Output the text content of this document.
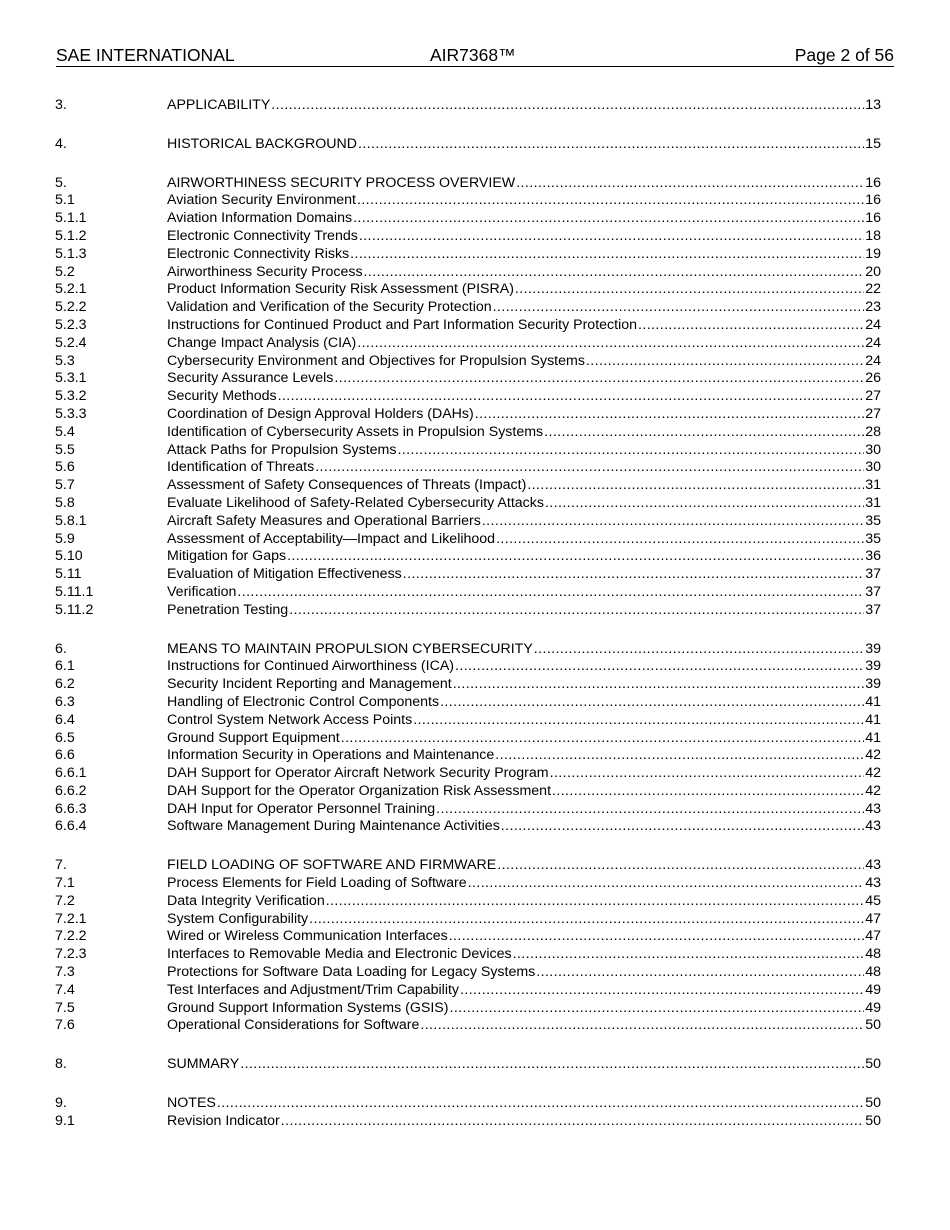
SAE INTERNATIONAL	AIR7368™	Page 2 of 56
3.	APPLICABILITY .....	13
4.	HISTORICAL BACKGROUND .....	15
5.	AIRWORTHINESS SECURITY PROCESS OVERVIEW .....	16
5.1	Aviation Security Environment .....	16
5.1.1	Aviation Information Domains .....	16
5.1.2	Electronic Connectivity Trends .....	18
5.1.3	Electronic Connectivity Risks .....	19
5.2	Airworthiness Security Process .....	20
5.2.1	Product Information Security Risk Assessment (PISRA) .....	22
5.2.2	Validation and Verification of the Security Protection .....	23
5.2.3	Instructions for Continued Product and Part Information Security Protection .....	24
5.2.4	Change Impact Analysis (CIA) .....	24
5.3	Cybersecurity Environment and Objectives for Propulsion Systems .....	24
5.3.1	Security Assurance Levels .....	26
5.3.2	Security Methods .....	27
5.3.3	Coordination of Design Approval Holders (DAHs) .....	27
5.4	Identification of Cybersecurity Assets in Propulsion Systems .....	28
5.5	Attack Paths for Propulsion Systems .....	30
5.6	Identification of Threats .....	30
5.7	Assessment of Safety Consequences of Threats (Impact) .....	31
5.8	Evaluate Likelihood of Safety-Related Cybersecurity Attacks .....	31
5.8.1	Aircraft Safety Measures and Operational Barriers .....	35
5.9	Assessment of Acceptability—Impact and Likelihood .....	35
5.10	Mitigation for Gaps .....	36
5.11	Evaluation of Mitigation Effectiveness .....	37
5.11.1	Verification .....	37
5.11.2	Penetration Testing .....	37
6.	MEANS TO MAINTAIN PROPULSION CYBERSECURITY .....	39
6.1	Instructions for Continued Airworthiness (ICA) .....	39
6.2	Security Incident Reporting and Management .....	39
6.3	Handling of Electronic Control Components .....	41
6.4	Control System Network Access Points .....	41
6.5	Ground Support Equipment .....	41
6.6	Information Security in Operations and Maintenance .....	42
6.6.1	DAH Support for Operator Aircraft Network Security Program .....	42
6.6.2	DAH Support for the Operator Organization Risk Assessment .....	42
6.6.3	DAH Input for Operator Personnel Training .....	43
6.6.4	Software Management During Maintenance Activities .....	43
7.	FIELD LOADING OF SOFTWARE AND FIRMWARE .....	43
7.1	Process Elements for Field Loading of Software .....	43
7.2	Data Integrity Verification .....	45
7.2.1	System Configurability .....	47
7.2.2	Wired or Wireless Communication Interfaces .....	47
7.2.3	Interfaces to Removable Media and Electronic Devices .....	48
7.3	Protections for Software Data Loading for Legacy Systems .....	48
7.4	Test Interfaces and Adjustment/Trim Capability .....	49
7.5	Ground Support Information Systems (GSIS) .....	49
7.6	Operational Considerations for Software .....	50
8.	SUMMARY .....	50
9.	NOTES .....	50
9.1	Revision Indicator .....	50
